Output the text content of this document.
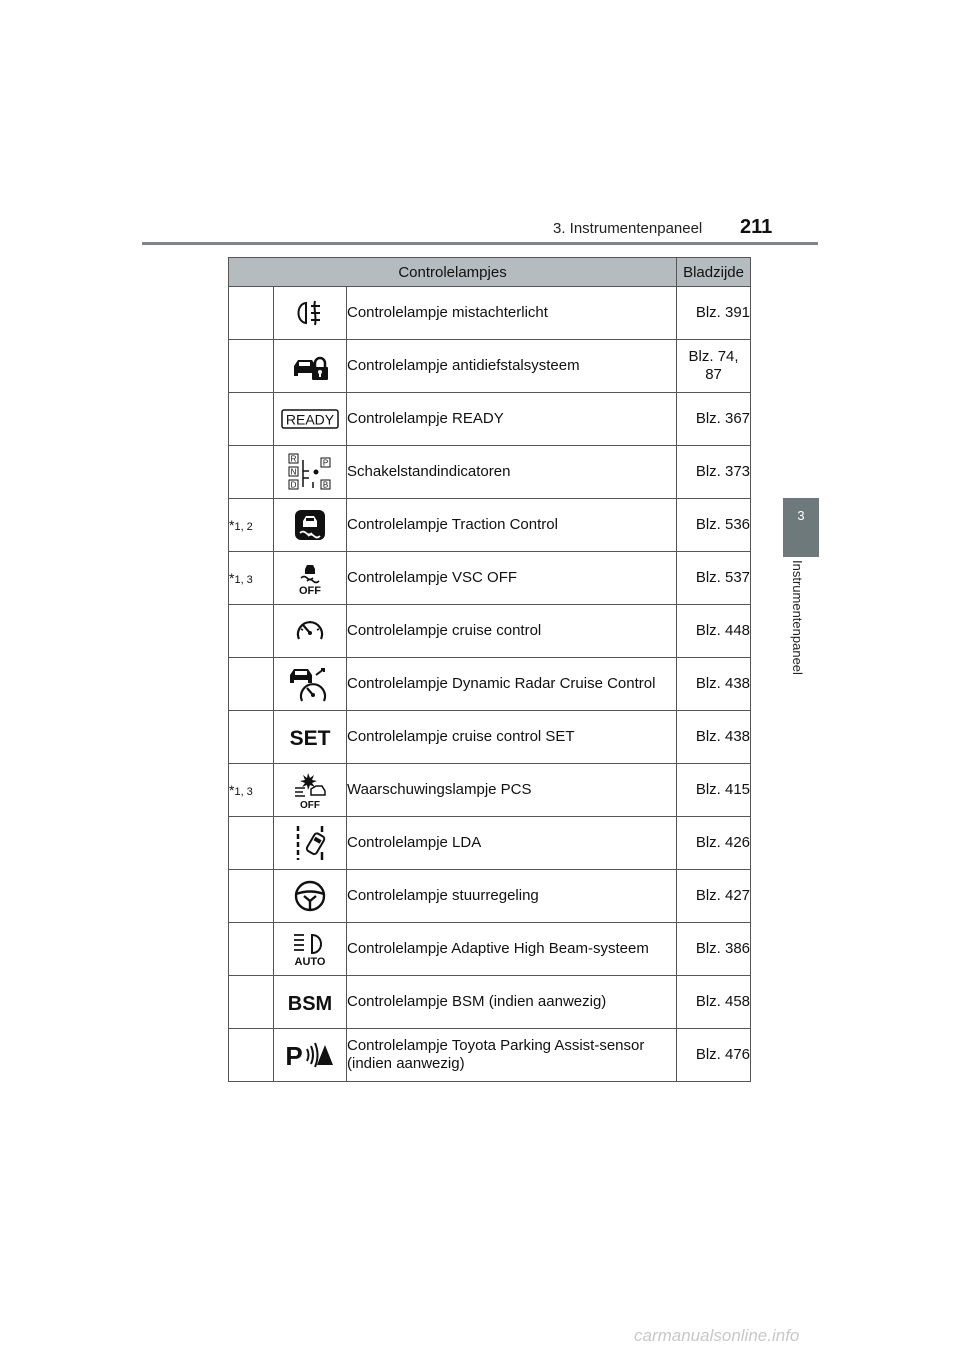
3. Instrumentenpaneel 211
3
Instrumentenpaneel
Controlelampjes			Bladzijde

	Controlelampje mistachterlicht	Blz. 391

	Controlelampje antidiefstalsysteem	Blz. 74,
87

READY	Controlelampje READY	Blz. 367

R
N
D
P
B	Schakelstandindicatoren	Blz. 373
*1, 2		Controlelampje Traction Control	Blz. 536
*1, 3	OFF	Controlelampje VSC OFF	Blz. 537

	Controlelampje cruise control	Blz. 448

	Controlelampje Dynamic Radar Cruise Control	Blz. 438

SET	Controlelampje cruise control SET	Blz. 438
*1, 3	OFF	Waarschuwingslampje PCS	Blz. 415

	Controlelampje LDA	Blz. 426

	Controlelampje stuurregeling	Blz. 427

AUTO	Controlelampje Adaptive High Beam-systeem	Blz. 386

BSM	Controlelampje BSM (indien aanwezig)	Blz. 458

P	Controlelampje Toyota Parking Assist-sensor
(indien aanwezig)	Blz. 476
carmanualsonline.info
